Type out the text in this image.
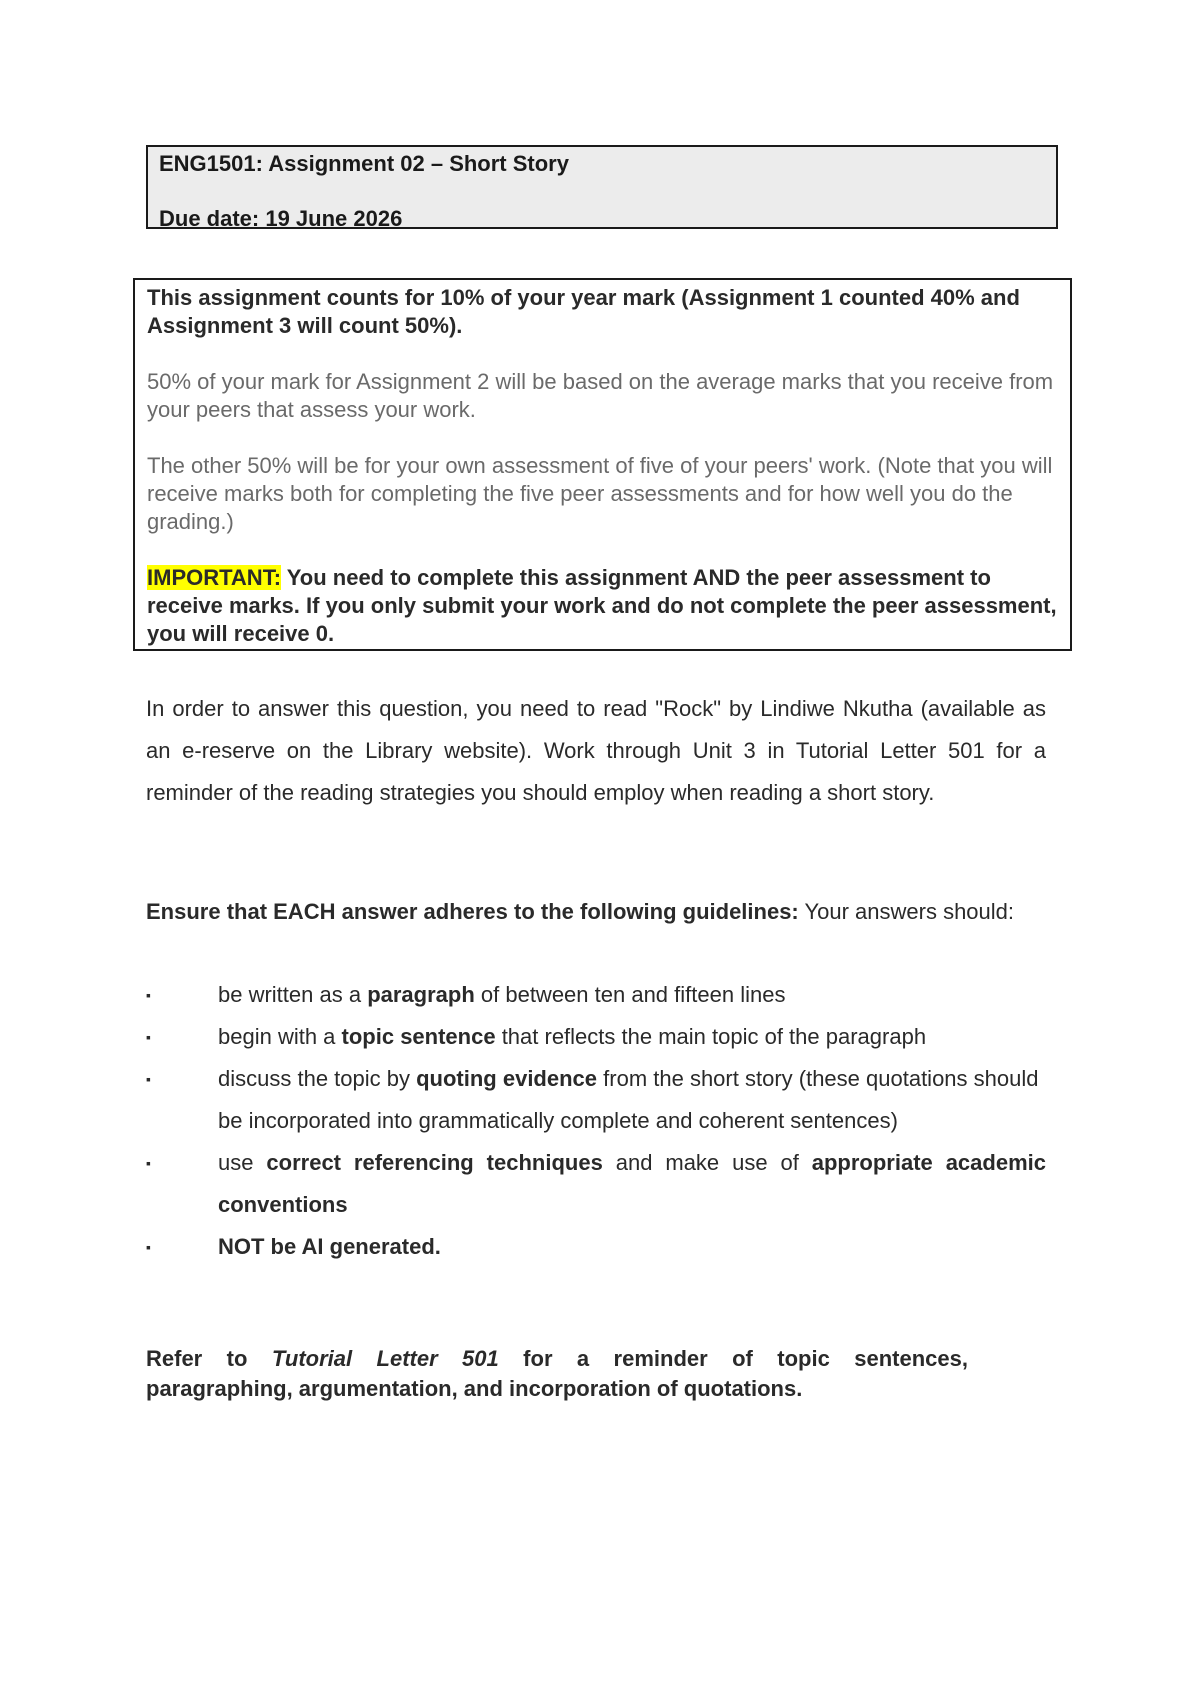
ENG1501: Assignment 02 – Short Story
Due date: 19 June 2026

This assignment counts for 10% of your year mark (Assignment 1 counted 40% and Assignment 3 will count 50%).

50% of your mark for Assignment 2 will be based on the average marks that you receive from your peers that assess your work.

The other 50% will be for your own assessment of five of your peers' work. (Note that you will receive marks both for completing the five peer assessments and for how well you do the grading.)

IMPORTANT: You need to complete this assignment AND the peer assessment to receive marks. If you only submit your work and do not complete the peer assessment, you will receive 0.

In order to answer this question, you need to read "Rock" by Lindiwe Nkutha (available as an e-reserve on the Library website). Work through Unit 3 in Tutorial Letter 501 for a reminder of the reading strategies you should employ when reading a short story.

Ensure that EACH answer adheres to the following guidelines: Your answers should:

▪	be written as a paragraph of between ten and fifteen lines
▪	begin with a topic sentence that reflects the main topic of the paragraph
▪	discuss the topic by quoting evidence from the short story (these quotations should be incorporated into grammatically complete and coherent sentences)
▪	use correct referencing techniques and make use of appropriate academic conventions
▪	NOT be AI generated.

Refer to Tutorial Letter 501 for a reminder of topic sentences,
paragraphing, argumentation, and incorporation of quotations.
